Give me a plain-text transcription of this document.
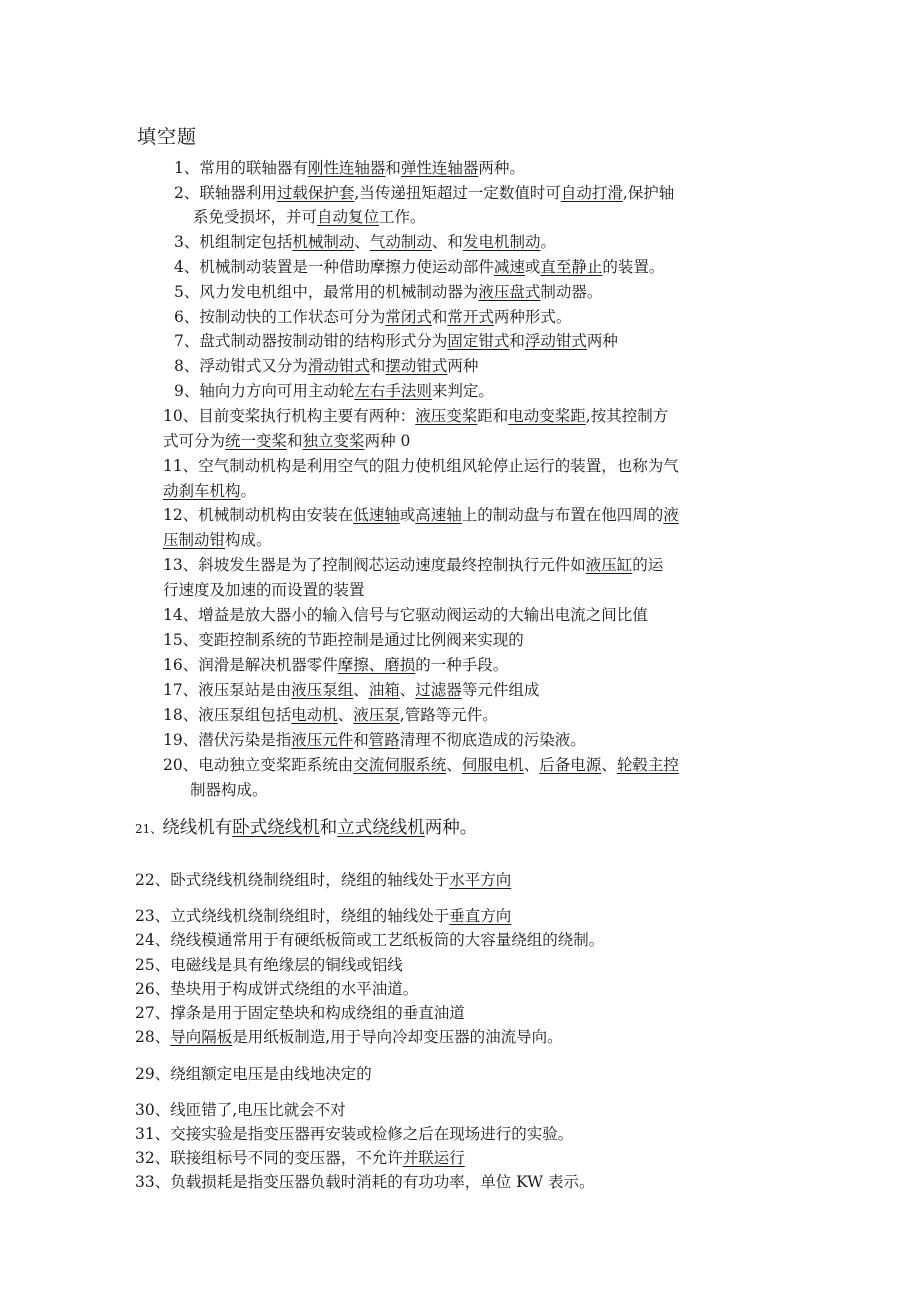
填空题
1、常用的联轴器有刚性连轴器和弹性连轴器两种。
2、联轴器利用过载保护套,当传递扭矩超过一定数值时可自动打滑,保护轴
系免受损坏，并可自动复位工作。
3、机组制定包括机械制动、气动制动、和发电机制动。
4、机械制动装置是一种借助摩擦力使运动部件减速或直至静止的装置。
5、风力发电机组中，最常用的机械制动器为液压盘式制动器。
6、按制动快的工作状态可分为常闭式和常开式两种形式。
7、盘式制动器按制动钳的结构形式分为固定钳式和浮动钳式两种
8、浮动钳式又分为滑动钳式和摆动钳式两种
9、轴向力方向可用主动轮左右手法则来判定。
10、目前变桨执行机构主要有两种：液压变桨距和电动变桨距,按其控制方
式可分为统一变桨和独立变桨两种 0
11、空气制动机构是利用空气的阻力使机组风轮停止运行的装置，也称为气
动刹车机构。
12、机械制动机构由安装在低速轴或高速轴上的制动盘与布置在他四周的液
压制动钳构成。
13、斜坡发生器是为了控制阀芯运动速度最终控制执行元件如液压缸的运
行速度及加速的而设置的装置
14、增益是放大器小的输入信号与它驱动阀运动的大输出电流之间比值
15、变距控制系统的节距控制是通过比例阀来实现的
16、润滑是解决机器零件摩擦、磨损的一种手段。
17、液压泵站是由液压泵组、油箱、过滤器等元件组成
18、液压泵组包括电动机、液压泵,管路等元件。
19、潜伏污染是指液压元件和管路清理不彻底造成的污染液。
20、电动独立变桨距系统由交流伺服系统、伺服电机、后备电源、轮毂主控
制器构成。
21、绕线机有卧式绕线机和立式绕线机两种。
22、卧式绕线机绕制绕组时，绕组的轴线处于水平方向
23、立式绕线机绕制绕组时，绕组的轴线处于垂直方向
24、绕线模通常用于有硬纸板筒或工艺纸板筒的大容量绕组的绕制。
25、电磁线是具有绝缘层的铜线或铝线
26、垫块用于构成饼式绕组的水平油道。
27、撑条是用于固定垫块和构成绕组的垂直油道
28、导向隔板是用纸板制造,用于导向冷却变压器的油流导向。
29、绕组额定电压是由线地决定的
30、线匝错了,电压比就会不对
31、交接实验是指变压器再安装或检修之后在现场进行的实验。
32、联接组标号不同的变压器，不允许并联运行
33、负载损耗是指变压器负载时消耗的有功功率，单位 KW 表示。
